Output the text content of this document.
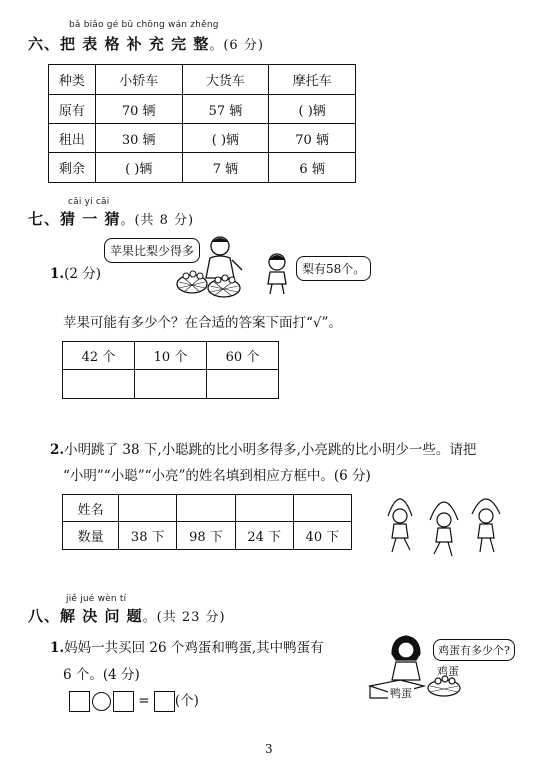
bǎ biǎo gé bǔ chōng wán zhěng
六、把 表 格 补 充 完 整。(6 分)
种类	小轿车	大货车	摩托车
原有	70 辆	57 辆	( )辆
租出	30 辆	( )辆	70 辆
剩余	( )辆	7 辆	6 辆
cāi yi cāi
七、猜 一 猜。(共 8 分)
1.(2 分)
苹果比梨少得多
梨有58个。
苹果可能有多少个？在合适的答案下面打“√”。
42 个	10 个	60 个

2.小明跳了 38 下,小聪跳的比小明多得多,小亮跳的比小明少一些。请把
“小明”“小聪”“小亮”的姓名填到相应方框中。(6 分)
姓名				
数量	38 下	98 下	24 下	40 下
jiě jué wèn tí
八、解 决 问 题。(共 23 分)
1.妈妈一共买回 26 个鸡蛋和鸭蛋,其中鸭蛋有
6 个。(4 分)
= (个)
鸡蛋有多少个?
鸡蛋
鸭蛋
3
